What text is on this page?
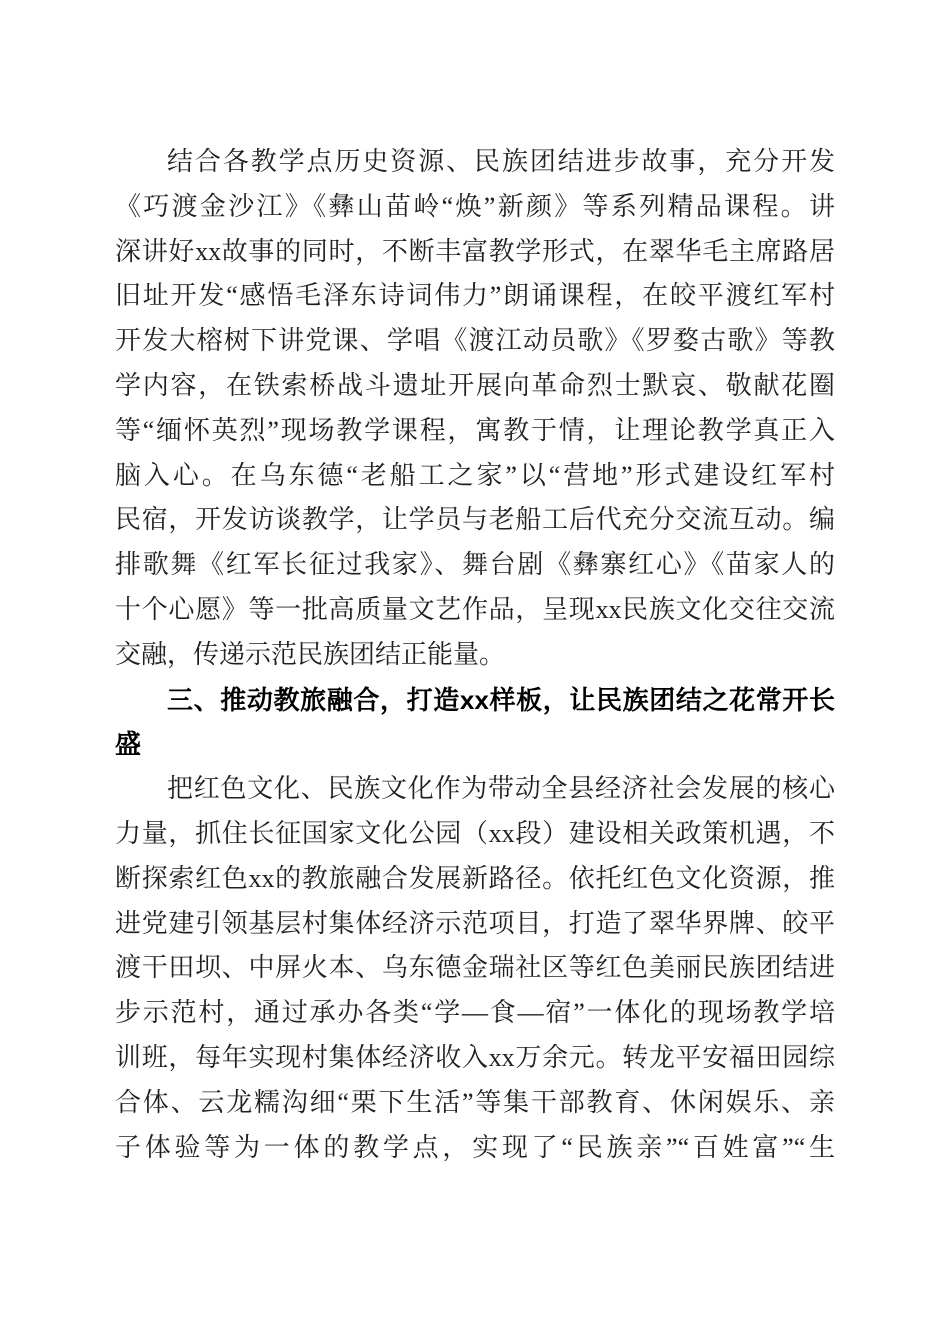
结合各教学点历史资源、民族团结进步故事，充分开发
《巧渡金沙江》《彝山苗岭“焕”新颜》等系列精品课程。讲
深讲好xx故事的同时，不断丰富教学形式，在翠华毛主席路居
旧址开发“感悟毛泽东诗词伟力”朗诵课程，在皎平渡红军村
开发大榕树下讲党课、学唱《渡江动员歌》《罗婺古歌》等教
学内容，在铁索桥战斗遗址开展向革命烈士默哀、敬献花圈
等“缅怀英烈”现场教学课程，寓教于情，让理论教学真正入
脑入心。在乌东德“老船工之家”以“营地”形式建设红军村
民宿，开发访谈教学，让学员与老船工后代充分交流互动。编
排歌舞《红军长征过我家》、舞台剧《彝寨红心》《苗家人的
十个心愿》等一批高质量文艺作品，呈现xx民族文化交往交流
交融，传递示范民族团结正能量。
三、推动教旅融合，打造xx样板，让民族团结之花常开长
盛
把红色文化、民族文化作为带动全县经济社会发展的核心
力量，抓住长征国家文化公园（xx段）建设相关政策机遇，不
断探索红色xx的教旅融合发展新路径。依托红色文化资源，推
进党建引领基层村集体经济示范项目，打造了翠华界牌、皎平
渡干田坝、中屏火本、乌东德金瑞社区等红色美丽民族团结进
步示范村，通过承办各类“学—食—宿”一体化的现场教学培
训班，每年实现村集体经济收入xx万余元。转龙平安福田园综
合体、云龙糯沟细“栗下生活”等集干部教育、休闲娱乐、亲
子体验等为一体的教学点，实现了“民族亲”“百姓富”“生
